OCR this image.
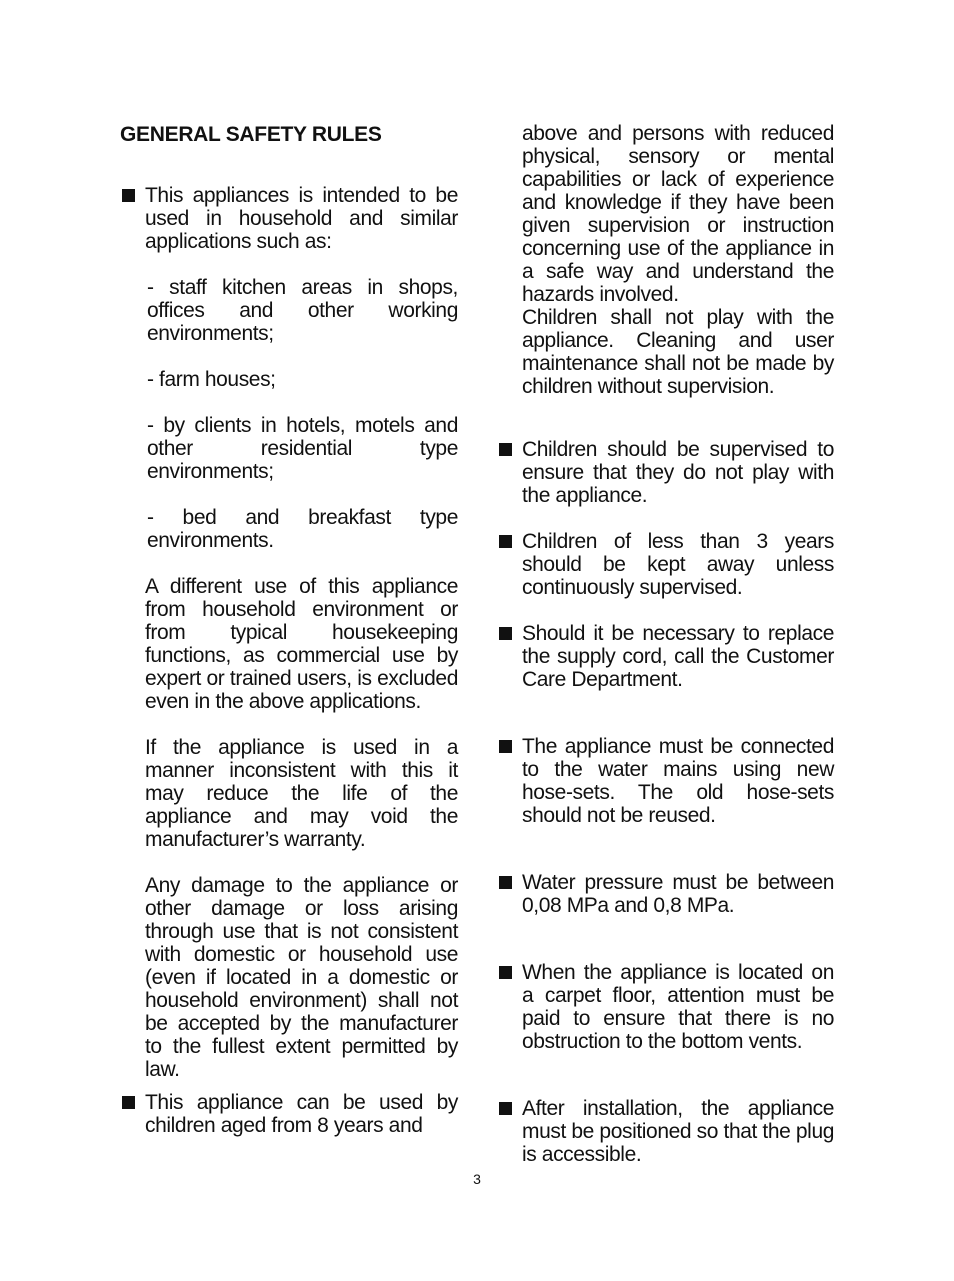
GENERAL SAFETY RULES

This appliances is intended to be used in household and similar applications such as:

- staff kitchen areas in shops, offices and other working environments;

- farm houses;

- by clients in hotels, motels and other residential type environments;

- bed and breakfast type environments.

A different use of this appliance from household environment or from typical housekeeping functions, as commercial use by expert or trained users, is excluded even in the above applications.

If the appliance is used in a manner inconsistent with this it may reduce the life of the appliance and may void the manufacturer’s warranty.

Any damage to the appliance or other damage or loss arising through use that is not consistent with domestic or household use (even if located in a domestic or household environment) shall not be accepted by the manufacturer to the fullest extent permitted by law.

This appliance can be used by children aged from 8 years and

above and persons with reduced physical, sensory or mental capabilities or lack of experience and knowledge if they have been given supervision or instruction concerning use of the appliance in a safe way and understand the hazards involved.

Children shall not play with the appliance. Cleaning and user maintenance shall not be made by children without supervision.

Children should be supervised to ensure that they do not play with the appliance.

Children of less than 3 years should be kept away unless continuously supervised.

Should it be necessary to replace the supply cord, call the Customer Care Department.

The appliance must be connected to the water mains using new hose-sets. The old hose-sets should not be reused.

Water pressure must be between 0,08 MPa and 0,8 MPa.

When the appliance is located on a carpet floor, attention must be paid to ensure that there is no obstruction to the bottom vents.

After installation, the appliance must be positioned so that the plug is accessible.

3
